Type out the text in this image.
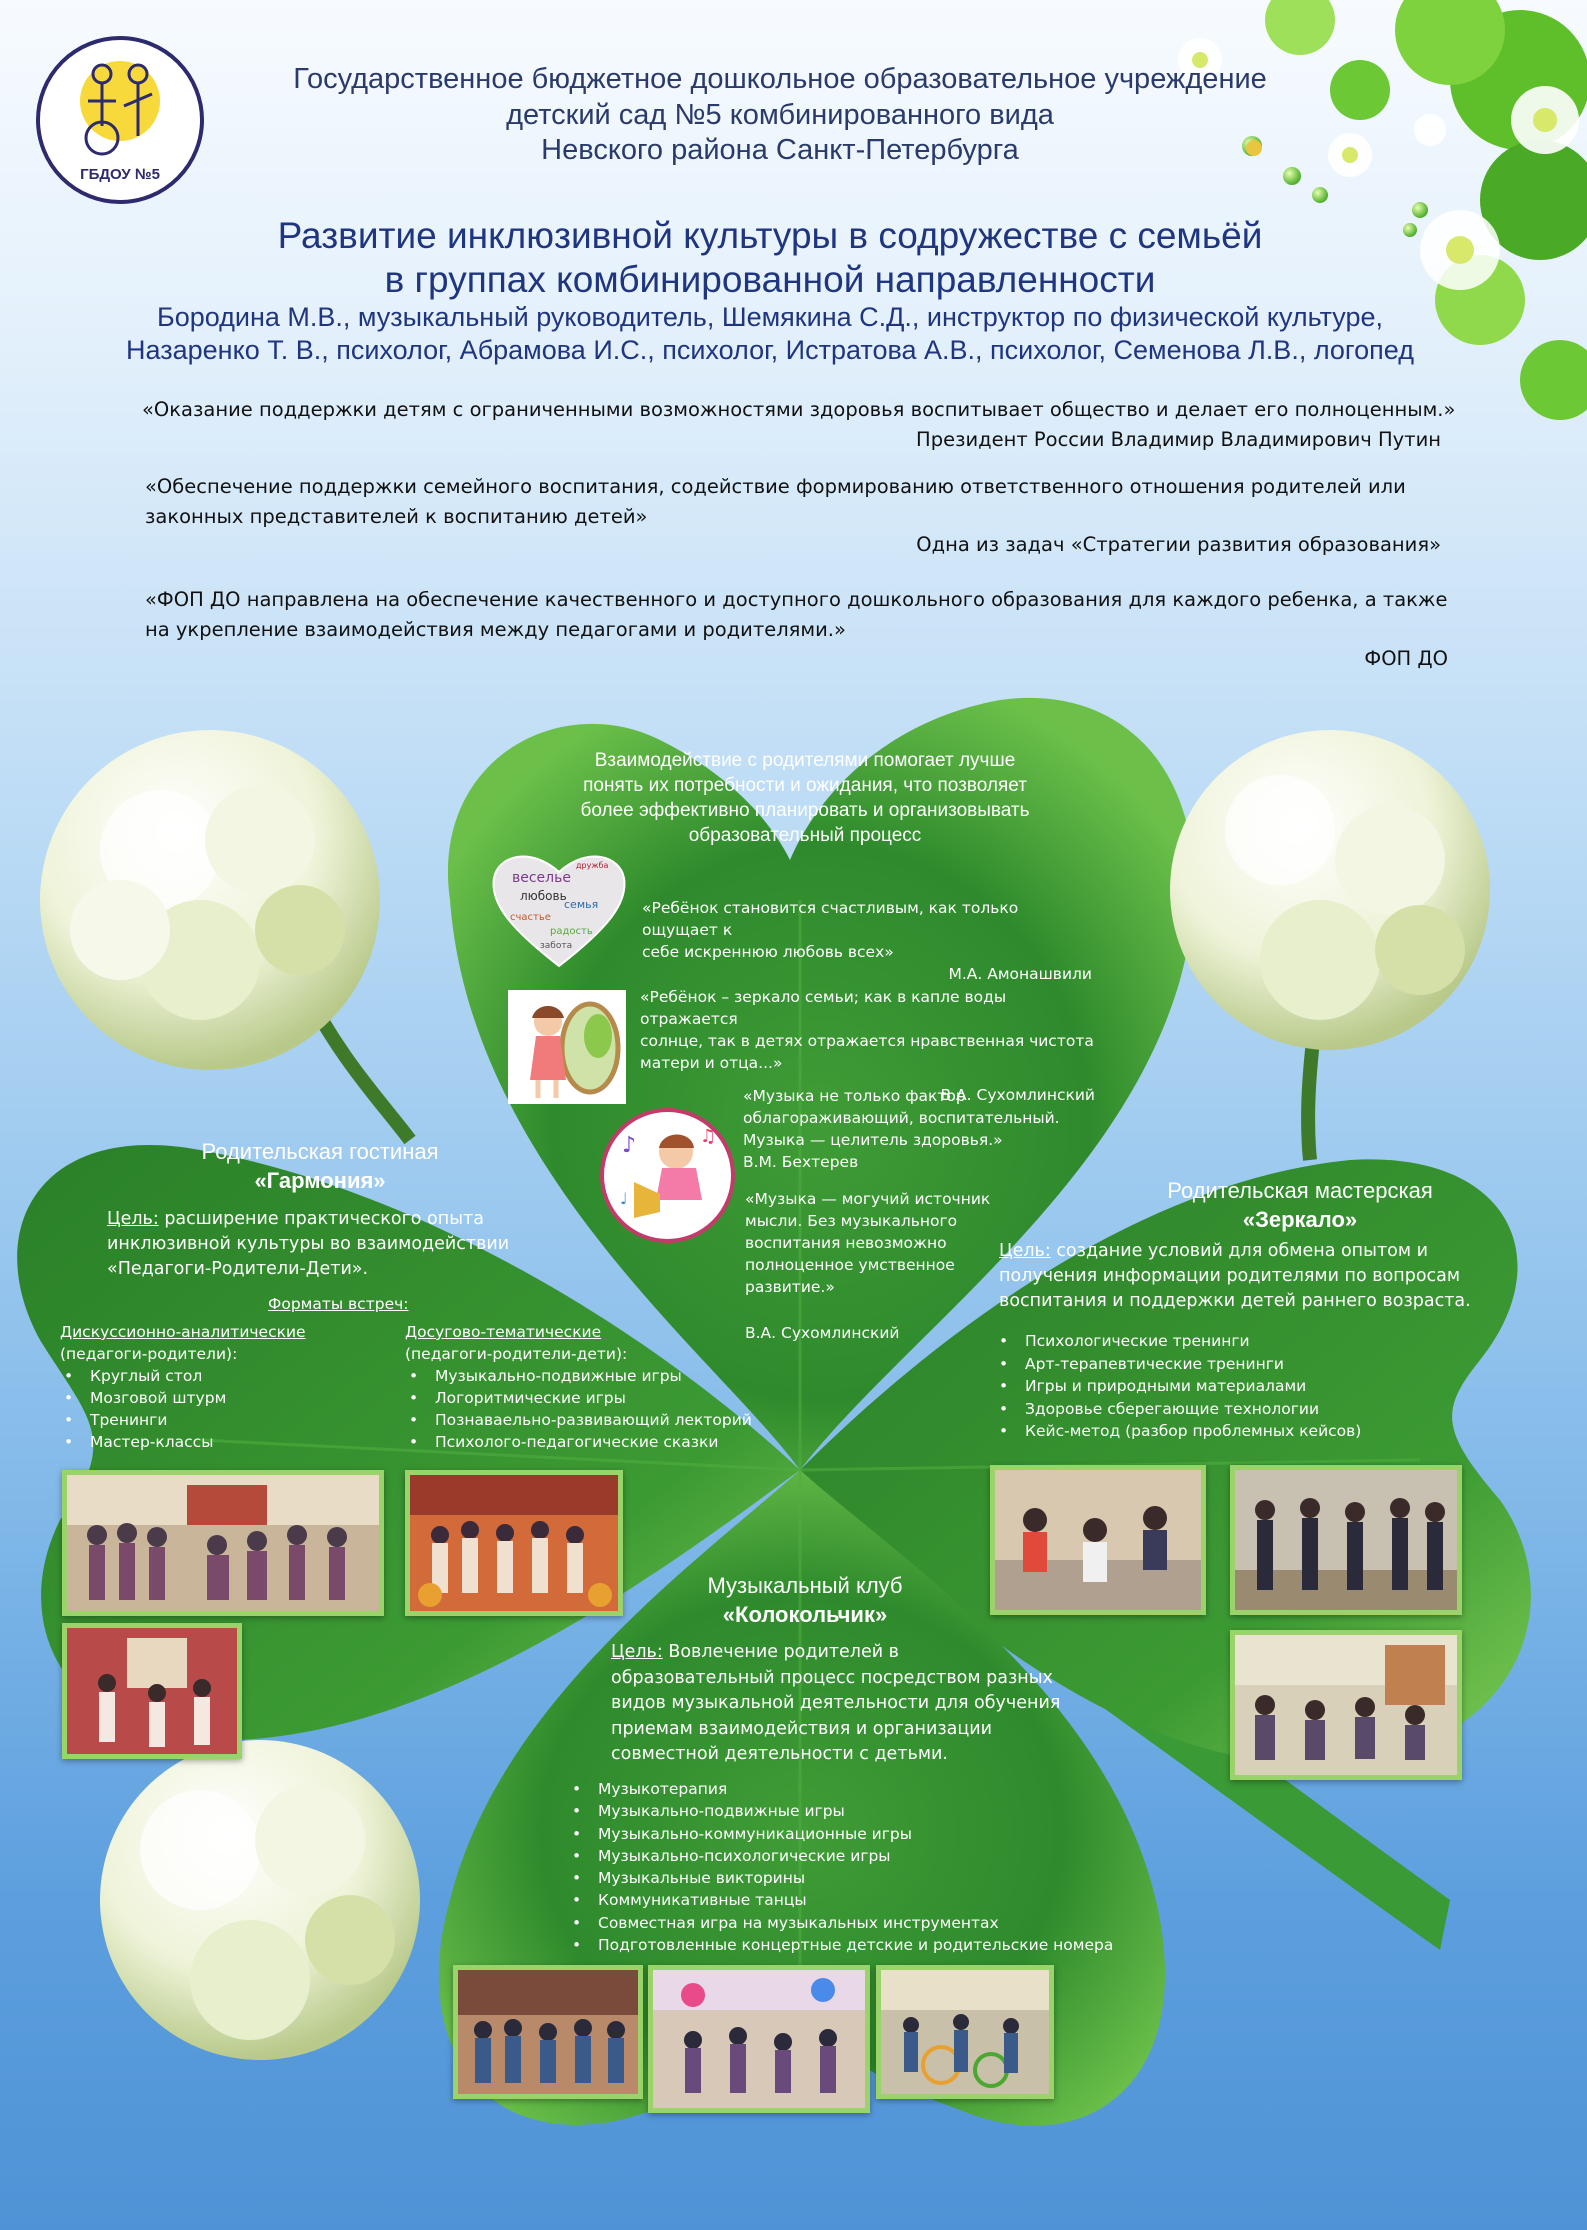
ГБДОУ №5
Государственное бюджетное дошкольное образовательное учреждение
детский сад №5 комбинированного вида
Невского района Санкт-Петербурга
Развитие инклюзивной культуры в содружестве с семьёй
в группах комбинированной направленности
Бородина М.В., музыкальный руководитель, Шемякина С.Д., инструктор по физической культуре,
Назаренко Т. В., психолог, Абрамова И.С., психолог, Истратова А.В., психолог, Семенова Л.В., логопед
«Оказание поддержки детям с ограниченными возможностями здоровья воспитывает общество и делает его полноценным.»
Президент России Владимир Владимирович Путин
«Обеспечение поддержки семейного воспитания, содействие формированию ответственного отношения родителей или
законных представителей к воспитанию детей»
Одна из задач «Стратегии развития образования»
«ФОП ДО направлена на обеспечение качественного и доступного дошкольного образования для каждого ребенка, а также
на укрепление взаимодействия между педагогами и родителями.»
ФОП ДО
Взаимодействие с родителями помогает лучше
понять их потребности и ожидания, что позволяет
более эффективно планировать и организовывать
образовательный процесс
веселье
дружба
любовь
семья
счастье
радость
забота
«Ребёнок становится счастливым, как только ощущает к
себе искреннюю любовь всех»
М.А. Амонашвили
«Ребёнок – зеркало семьи; как в капле воды отражается
солнце, так в детях отражается нравственная чистота
матери и отца...»
В.А. Сухомлинский
♪	♫
♩
«Музыка не только фактор
облагораживающий, воспитательный.
Музыка — целитель здоровья.»
В.М. Бехтерев
«Музыка — могучий источник
мысли. Без музыкального
воспитания невозможно
полноценное умственное
развитие.»
В.А. Сухомлинский
Родительская гостиная
«Гармония»
Цель: расширение практического опыта
инклюзивной культуры во взаимодействии
«Педагоги-Родители-Дети».
Форматы встреч:
Дискуссионно-аналитические
(педагоги-родители):
• Круглый стол
• Мозговой штурм
• Тренинги
• Мастер-классы
Досугово-тематические
(педагоги-родители-дети):
• Музыкально-подвижные игры
• Логоритмические игры
• Познаваельно-развивающий лекторий
• Психолого-педагогические сказки
Родительская мастерская
«Зеркало»
Цель: создание условий для обмена опытом и
получения информации родителями по вопросам
воспитания и поддержки детей раннего возраста.
• Психологические тренинги
• Арт-терапевтические тренинги
• Игры и природными материалами
• Здоровье сберегающие технологии
• Кейс-метод (разбор проблемных кейсов)
Музыкальный клуб
«Колокольчик»
Цель: Вовлечение родителей в
образовательный процесс посредством разных
видов музыкальной деятельности для обучения
приемам взаимодействия и организации
совместной деятельности с детьми.
• Музыкотерапия
• Музыкально-подвижные игры
• Музыкально-коммуникационные игры
• Музыкально-психологические игры
• Музыкальные викторины
• Коммуникативные танцы
• Совместная игра на музыкальных инструментах
• Подготовленные концертные детские и родительские номера
